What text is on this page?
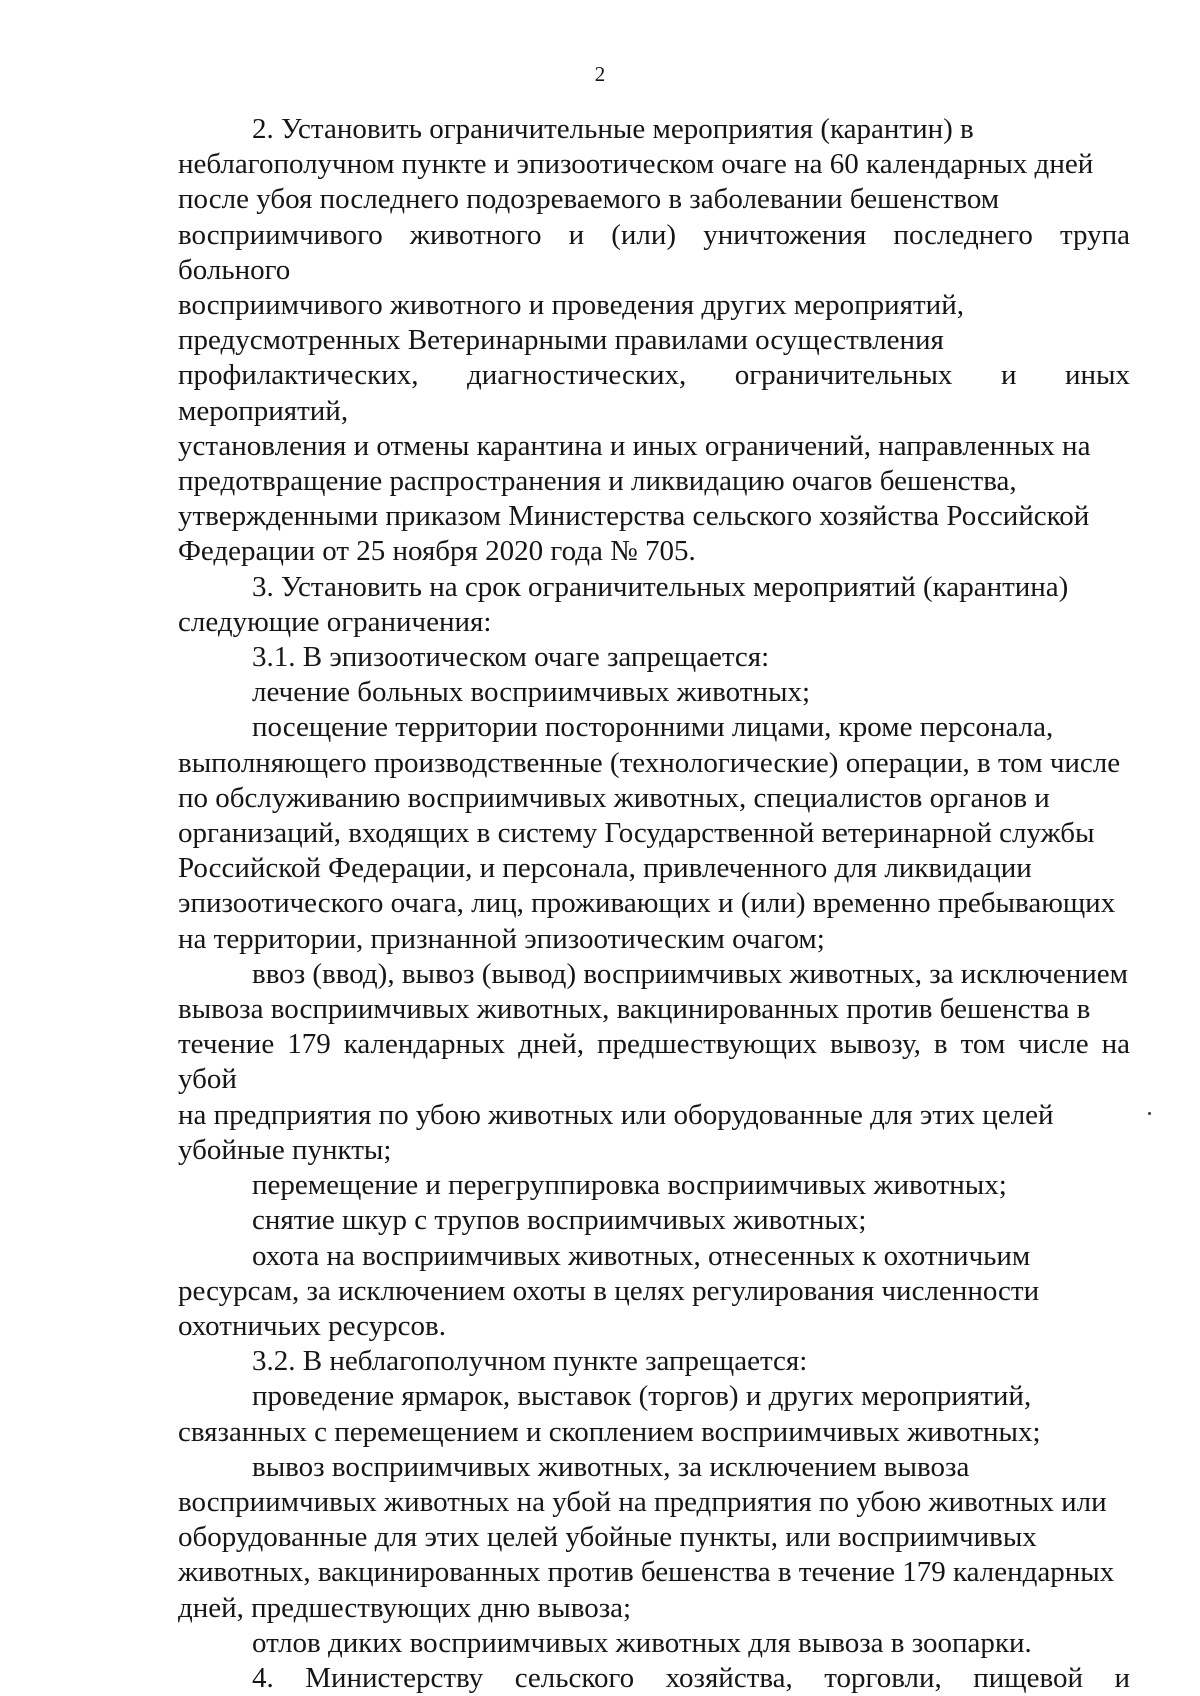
2

2. Установить ограничительные мероприятия (карантин) в
неблагополучном пункте и эпизоотическом очаге на 60 календарных дней
после убоя последнего подозреваемого в заболевании бешенством
восприимчивого животного и (или) уничтожения последнего трупа больного
восприимчивого животного и проведения других мероприятий,
предусмотренных Ветеринарными правилами осуществления
профилактических, диагностических, ограничительных и иных мероприятий,
установления и отмены карантина и иных ограничений, направленных на
предотвращение распространения и ликвидацию очагов бешенства,
утвержденными приказом Министерства сельского хозяйства Российской
Федерации от 25 ноября 2020 года № 705.

3. Установить на срок ограничительных мероприятий (карантина)
следующие ограничения:

3.1. В эпизоотическом очаге запрещается:

лечение больных восприимчивых животных;

посещение территории посторонними лицами, кроме персонала,
выполняющего производственные (технологические) операции, в том числе
по обслуживанию восприимчивых животных, специалистов органов и
организаций, входящих в систему Государственной ветеринарной службы
Российской Федерации, и персонала, привлеченного для ликвидации
эпизоотического очага, лиц, проживающих и (или) временно пребывающих
на территории, признанной эпизоотическим очагом;

ввоз (ввод), вывоз (вывод) восприимчивых животных, за исключением
вывоза восприимчивых животных, вакцинированных против бешенства в
течение 179 календарных дней, предшествующих вывозу, в том числе на убой
на предприятия по убою животных или оборудованные для этих целей
убойные пункты;

перемещение и перегруппировка восприимчивых животных;

снятие шкур с трупов восприимчивых животных;

охота на восприимчивых животных, отнесенных к охотничьим
ресурсам, за исключением охоты в целях регулирования численности
охотничьих ресурсов.

3.2. В неблагополучном пункте запрещается:

проведение ярмарок, выставок (торгов) и других мероприятий,
связанных с перемещением и скоплением восприимчивых животных;

вывоз восприимчивых животных, за исключением вывоза
восприимчивых животных на убой на предприятия по убою животных или
оборудованные для этих целей убойные пункты, или восприимчивых
животных, вакцинированных против бешенства в течение 179 календарных
дней, предшествующих дню вывоза;

отлов диких восприимчивых животных для вывоза в зоопарки.

4. Министерству сельского хозяйства, торговли, пищевой и
